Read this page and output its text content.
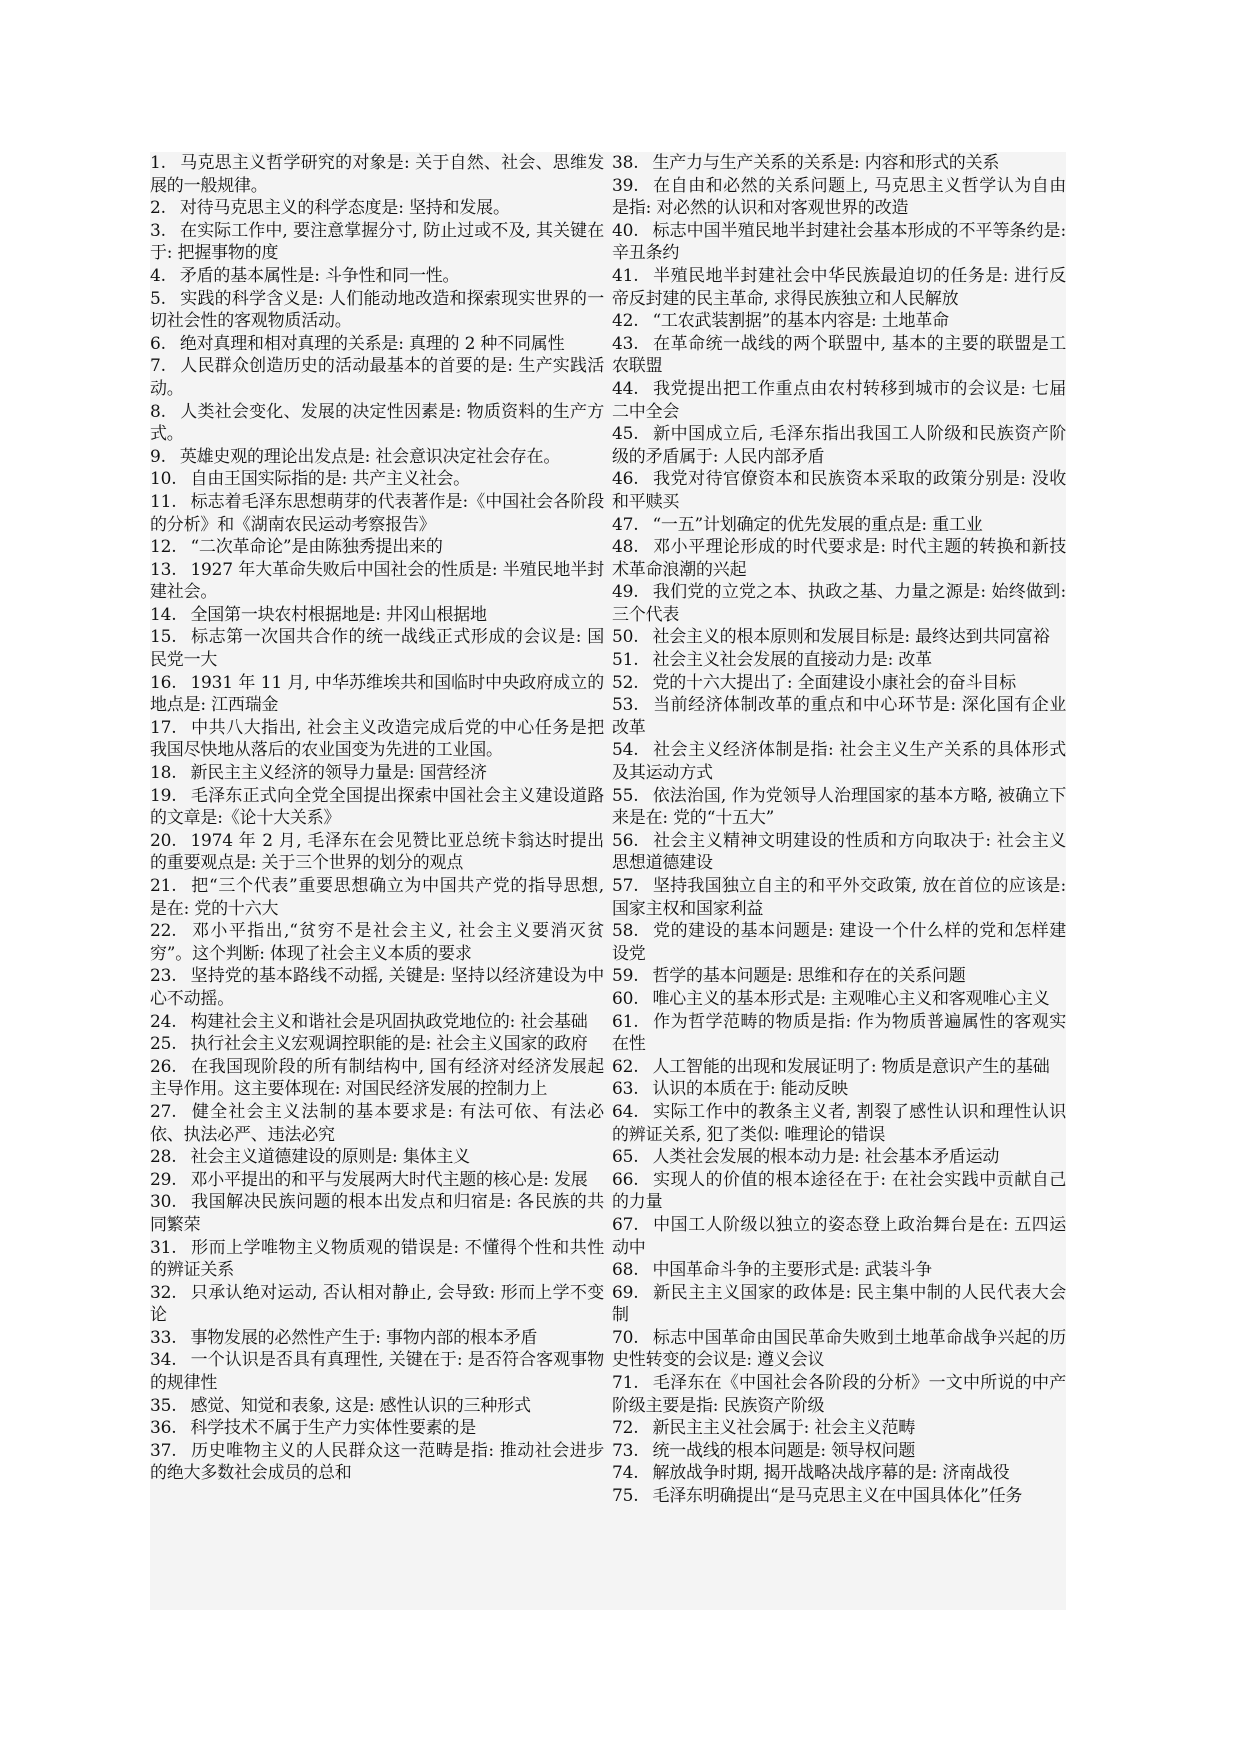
1. 马克思主义哲学研究的对象是: 关于自然、社会、思维发展的一般规律。
2. 对待马克思主义的科学态度是: 坚持和发展。
3. 在实际工作中, 要注意掌握分寸, 防止过或不及, 其关键在于: 把握事物的度
4. 矛盾的基本属性是: 斗争性和同一性。
5. 实践的科学含义是: 人们能动地改造和探索现实世界的一切社会性的客观物质活动。
6. 绝对真理和相对真理的关系是: 真理的 2 种不同属性
7. 人民群众创造历史的活动最基本的首要的是: 生产实践活动。
8. 人类社会变化、发展的决定性因素是: 物质资料的生产方式。
9. 英雄史观的理论出发点是: 社会意识决定社会存在。
10. 自由王国实际指的是: 共产主义社会。
11. 标志着毛泽东思想萌芽的代表著作是:《中国社会各阶段的分析》和《湖南农民运动考察报告》
12. “二次革命论”是由陈独秀提出来的
13. 1927 年大革命失败后中国社会的性质是: 半殖民地半封建社会。
14. 全国第一块农村根据地是: 井冈山根据地
15. 标志第一次国共合作的统一战线正式形成的会议是: 国民党一大
16. 1931 年 11 月, 中华苏维埃共和国临时中央政府成立的地点是: 江西瑞金
17. 中共八大指出, 社会主义改造完成后党的中心任务是把我国尽快地从落后的农业国变为先进的工业国。
18. 新民主主义经济的领导力量是: 国营经济
19. 毛泽东正式向全党全国提出探索中国社会主义建设道路的文章是:《论十大关系》
20. 1974 年 2 月, 毛泽东在会见赞比亚总统卡翁达时提出的重要观点是: 关于三个世界的划分的观点
21. 把“三个代表”重要思想确立为中国共产党的指导思想, 是在: 党的十六大
22. 邓小平指出,“贫穷不是社会主义, 社会主义要消灭贫穷”。这个判断: 体现了社会主义本质的要求
23. 坚持党的基本路线不动摇, 关键是: 坚持以经济建设为中心不动摇。
24. 构建社会主义和谐社会是巩固执政党地位的: 社会基础
25. 执行社会主义宏观调控职能的是: 社会主义国家的政府
26. 在我国现阶段的所有制结构中, 国有经济对经济发展起主导作用。这主要体现在: 对国民经济发展的控制力上
27. 健全社会主义法制的基本要求是: 有法可依、有法必依、执法必严、违法必究
28. 社会主义道德建设的原则是: 集体主义
29. 邓小平提出的和平与发展两大时代主题的核心是: 发展
30. 我国解决民族问题的根本出发点和归宿是: 各民族的共同繁荣
31. 形而上学唯物主义物质观的错误是: 不懂得个性和共性的辨证关系
32. 只承认绝对运动, 否认相对静止, 会导致: 形而上学不变论
33. 事物发展的必然性产生于: 事物内部的根本矛盾
34. 一个认识是否具有真理性, 关键在于: 是否符合客观事物的规律性
35. 感觉、知觉和表象, 这是: 感性认识的三种形式
36. 科学技术不属于生产力实体性要素的是
37. 历史唯物主义的人民群众这一范畴是指: 推动社会进步的绝大多数社会成员的总和
38. 生产力与生产关系的关系是: 内容和形式的关系
39. 在自由和必然的关系问题上, 马克思主义哲学认为自由是指: 对必然的认识和对客观世界的改造
40. 标志中国半殖民地半封建社会基本形成的不平等条约是: 辛丑条约
41. 半殖民地半封建社会中华民族最迫切的任务是: 进行反帝反封建的民主革命, 求得民族独立和人民解放
42. “工农武装割据”的基本内容是: 土地革命
43. 在革命统一战线的两个联盟中, 基本的主要的联盟是工农联盟
44. 我党提出把工作重点由农村转移到城市的会议是: 七届二中全会
45. 新中国成立后, 毛泽东指出我国工人阶级和民族资产阶级的矛盾属于: 人民内部矛盾
46. 我党对待官僚资本和民族资本采取的政策分别是: 没收 和平赎买
47. “一五”计划确定的优先发展的重点是: 重工业
48. 邓小平理论形成的时代要求是: 时代主题的转换和新技术革命浪潮的兴起
49. 我们党的立党之本、执政之基、力量之源是: 始终做到: 三个代表
50. 社会主义的根本原则和发展目标是: 最终达到共同富裕
51. 社会主义社会发展的直接动力是: 改革
52. 党的十六大提出了: 全面建设小康社会的奋斗目标
53. 当前经济体制改革的重点和中心环节是: 深化国有企业改革
54. 社会主义经济体制是指: 社会主义生产关系的具体形式及其运动方式
55. 依法治国, 作为党领导人治理国家的基本方略, 被确立下来是在: 党的“十五大”
56. 社会主义精神文明建设的性质和方向取决于: 社会主义思想道德建设
57. 坚持我国独立自主的和平外交政策, 放在首位的应该是: 国家主权和国家利益
58. 党的建设的基本问题是: 建设一个什么样的党和怎样建设党
59. 哲学的基本问题是: 思维和存在的关系问题
60. 唯心主义的基本形式是: 主观唯心主义和客观唯心主义
61. 作为哲学范畴的物质是指: 作为物质普遍属性的客观实在性
62. 人工智能的出现和发展证明了: 物质是意识产生的基础
63. 认识的本质在于: 能动反映
64. 实际工作中的教条主义者, 割裂了感性认识和理性认识的辨证关系, 犯了类似: 唯理论的错误
65. 人类社会发展的根本动力是: 社会基本矛盾运动
66. 实现人的价值的根本途径在于: 在社会实践中贡献自己的力量
67. 中国工人阶级以独立的姿态登上政治舞台是在: 五四运动中
68. 中国革命斗争的主要形式是: 武装斗争
69. 新民主主义国家的政体是: 民主集中制的人民代表大会制
70. 标志中国革命由国民革命失败到土地革命战争兴起的历史性转变的会议是: 遵义会议
71. 毛泽东在《中国社会各阶段的分析》一文中所说的中产阶级主要是指: 民族资产阶级
72. 新民主主义社会属于: 社会主义范畴
73. 统一战线的根本问题是: 领导权问题
74. 解放战争时期, 揭开战略决战序幕的是: 济南战役
75. 毛泽东明确提出“是马克思主义在中国具体化”任务
